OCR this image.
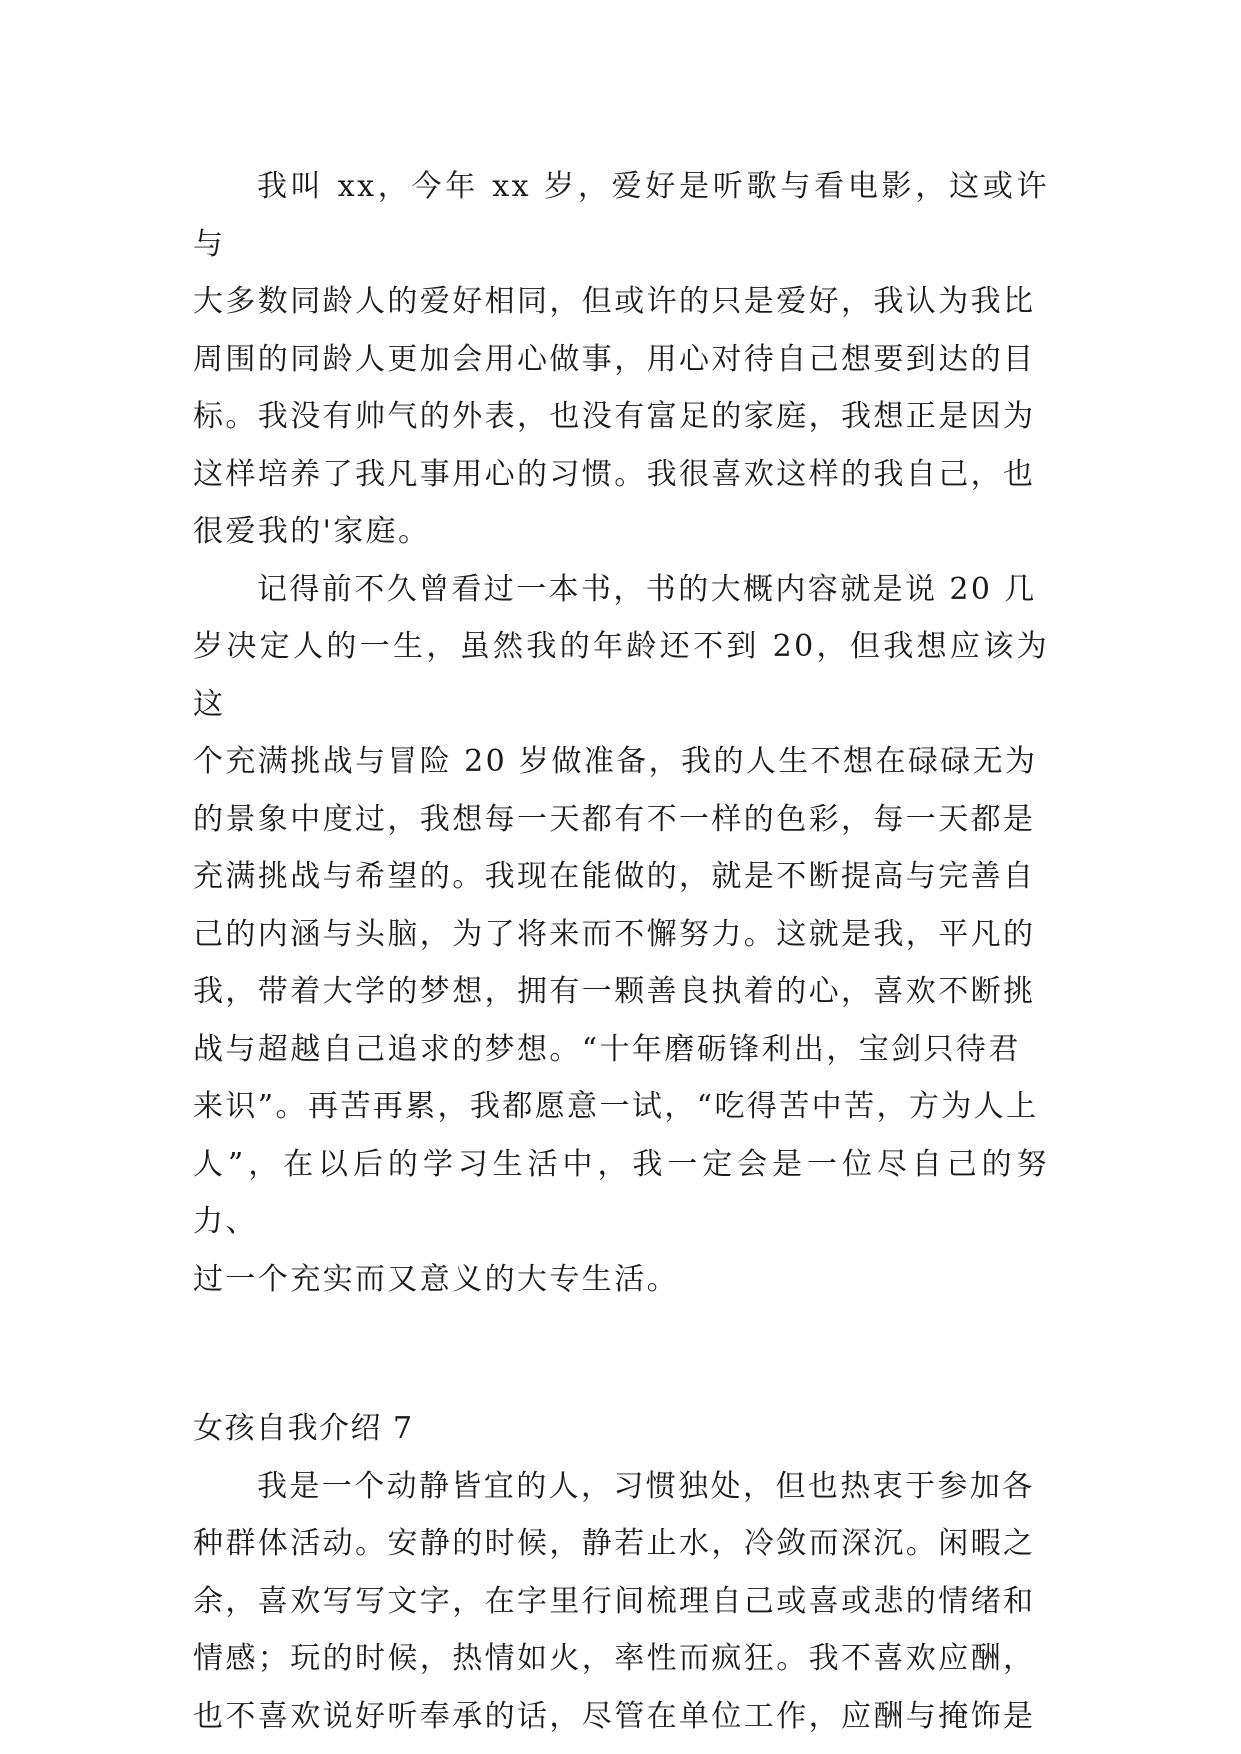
我叫 xx，今年 xx 岁，爱好是听歌与看电影，这或许与
大多数同龄人的爱好相同，但或许的只是爱好，我认为我比
周围的同龄人更加会用心做事，用心对待自己想要到达的目
标。我没有帅气的外表，也没有富足的家庭，我想正是因为
这样培养了我凡事用心的习惯。我很喜欢这样的我自己，也
很爱我的'家庭。

记得前不久曾看过一本书，书的大概内容就是说 20 几
岁决定人的一生，虽然我的年龄还不到 20，但我想应该为这
个充满挑战与冒险 20 岁做准备，我的人生不想在碌碌无为
的景象中度过，我想每一天都有不一样的色彩，每一天都是
充满挑战与希望的。我现在能做的，就是不断提高与完善自
己的内涵与头脑，为了将来而不懈努力。这就是我，平凡的
我，带着大学的梦想，拥有一颗善良执着的心，喜欢不断挑
战与超越自己追求的梦想。“十年磨砺锋利出，宝剑只待君
来识”。再苦再累，我都愿意一试，“吃得苦中苦，方为人上
人”，在以后的学习生活中，我一定会是一位尽自己的努力、
过一个充实而又意义的大专生活。

女孩自我介绍 7

我是一个动静皆宜的人，习惯独处，但也热衷于参加各
种群体活动。安静的时候，静若止水，冷敛而深沉。闲暇之
余，喜欢写写文字，在字里行间梳理自己或喜或悲的情绪和
情感；玩的时候，热情如火，率性而疯狂。我不喜欢应酬，
也不喜欢说好听奉承的话，尽管在单位工作，应酬与掩饰是
